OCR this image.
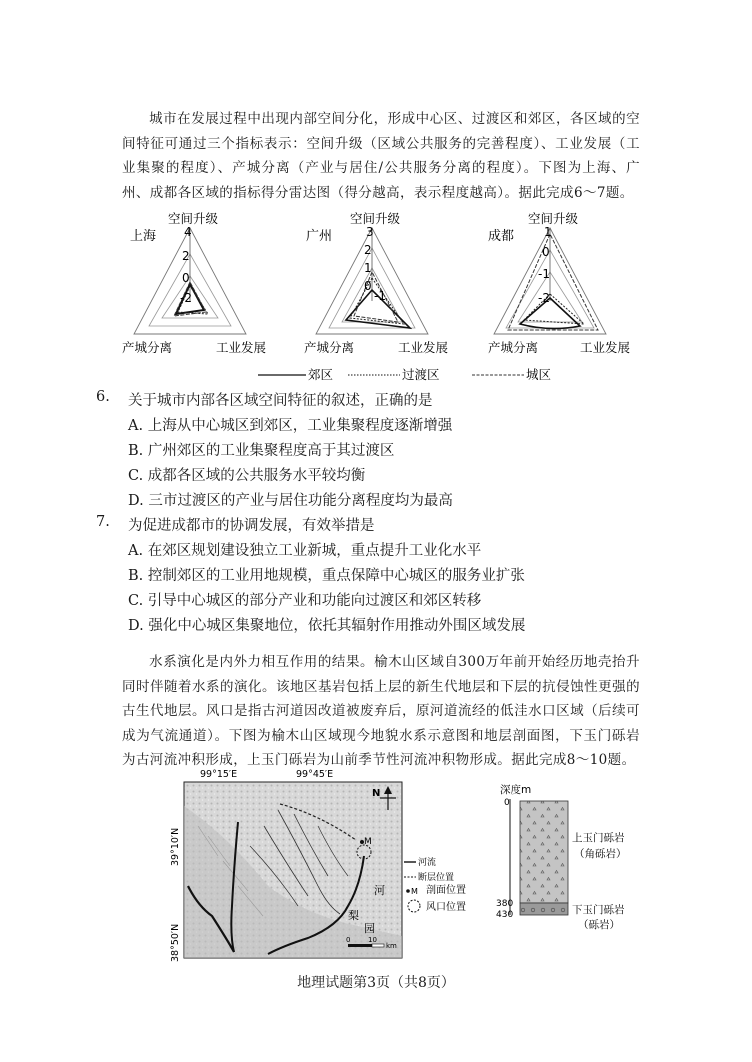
城市在发展过程中出现内部空间分化，形成中心区、过渡区和郊区，各区域的空间特征可通过三个指标表示：空间升级（区域公共服务的完善程度）、工业发展（工业集聚的程度）、产城分离（产业与居住/公共服务分离的程度）。下图为上海、广州、成都各区域的指标得分雷达图（得分越高，表示程度越高）。据此完成6～7题。
上海
空间升级
4
2
0
-2
产城分离	工业发展
广州
空间升级
3
2
1
0
-1
产城分离	工业发展
成都
空间升级
1
0
-1
-2
产城分离	工业发展
郊区	过渡区	城区
6. 关于城市内部各区域空间特征的叙述，正确的是
A. 上海从中心城区到郊区，工业集聚程度逐渐增强
B. 广州郊区的工业集聚程度高于其过渡区
C. 成都各区域的公共服务水平较均衡
D. 三市过渡区的产业与居住功能分离程度均为最高
7. 为促进成都市的协调发展，有效举措是
A. 在郊区规划建设独立工业新城，重点提升工业化水平
B. 控制郊区的工业用地规模，重点保障中心城区的服务业扩张
C. 引导中心城区的部分产业和功能向过渡区和郊区转移
D. 强化中心城区集聚地位，依托其辐射作用推动外围区域发展
水系演化是内外力相互作用的结果。榆木山区域自300万年前开始经历地壳抬升同时伴随着水系的演化。该地区基岩包括上层的新生代地层和下层的抗侵蚀性更强的古生代地层。风口是指古河道因改道被废弃后，原河道流经的低洼水口区域（后续可成为气流通道）。下图为榆木山区域现今地貌水系示意图和地层剖面图，下玉门砾岩为古河流冲积形成，上玉门砾岩为山前季节性河流冲积物形成。据此完成8～10题。
99°15′E	99°45′E
39°10′N
38°50′N
M
河
梨
园
N
河流
断层位置
M
0	10
km
剖面位置
风口位置
深度m
0
380
430
上玉门砾岩
（角砾岩）
下玉门砾岩
（砾岩）
地理试题第3页（共8页）
